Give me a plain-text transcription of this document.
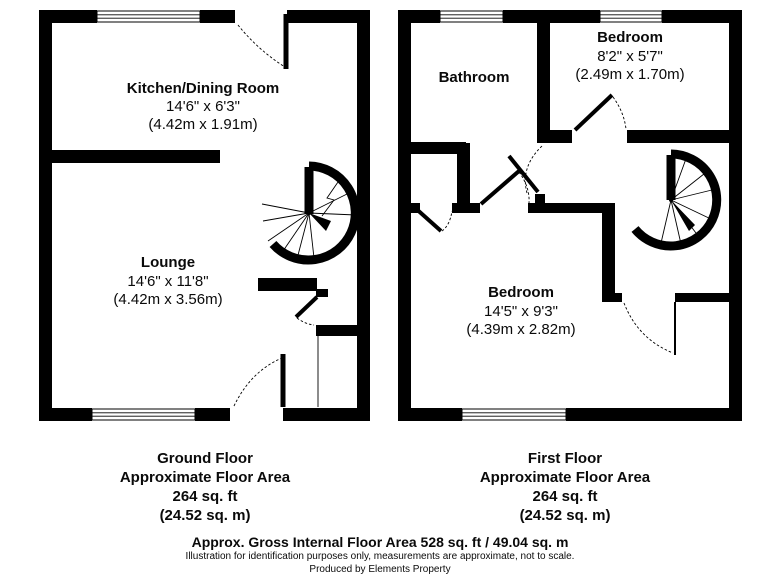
Kitchen/Dining Room
14'6" x 6'3"
(4.42m x 1.91m)
Lounge
14'6" x 11'8"
(4.42m x 3.56m)
Bathroom
Bedroom
8'2" x 5'7"
(2.49m x 1.70m)
Bedroom
14'5" x 9'3"
(4.39m x 2.82m)
Ground Floor
Approximate Floor Area
264 sq. ft
(24.52 sq. m)
First Floor
Approximate Floor Area
264 sq. ft
(24.52 sq. m)
Approx. Gross Internal Floor Area 528 sq. ft / 49.04 sq. m
Illustration for identification purposes only, measurements are approximate, not to scale.
Produced by Elements Property
